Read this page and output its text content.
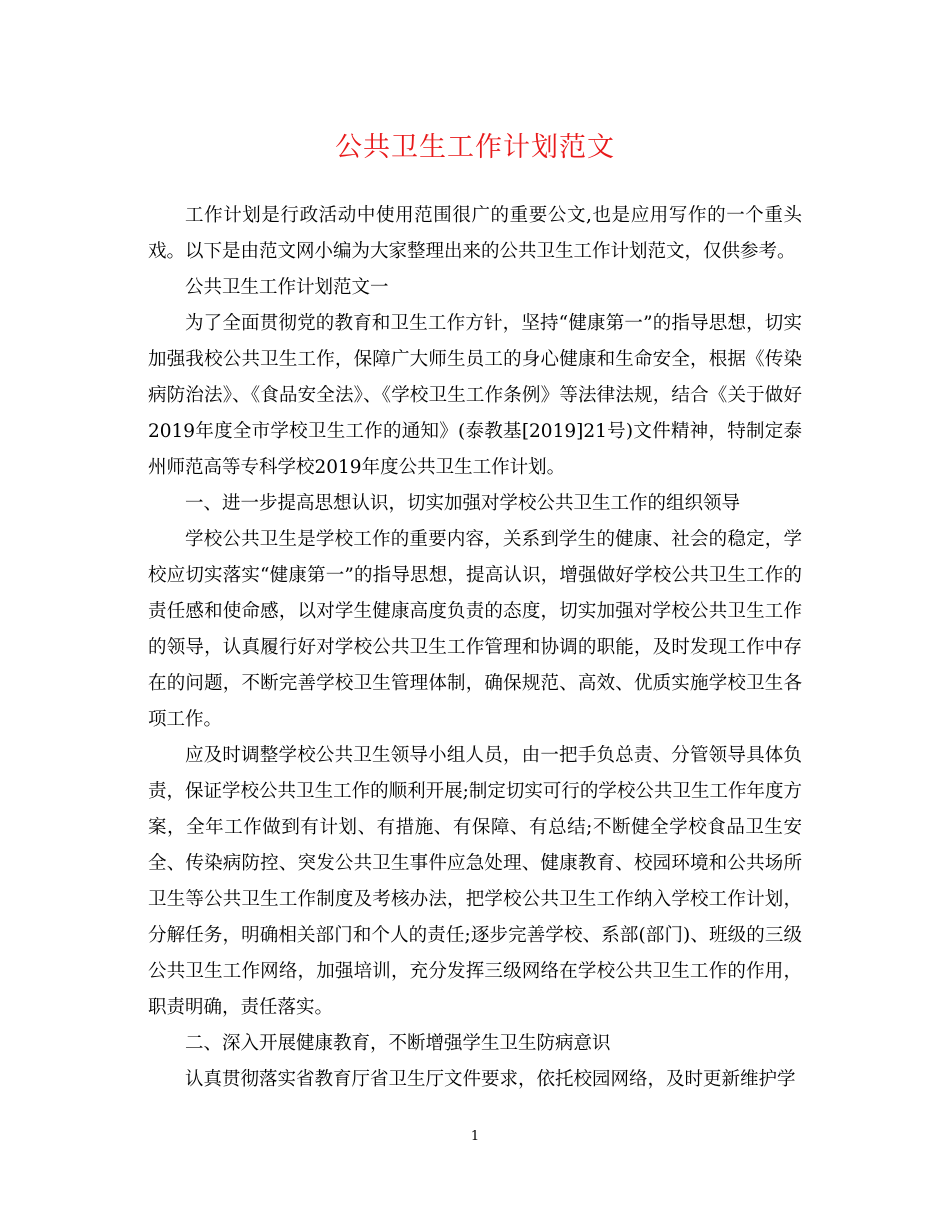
公共卫生工作计划范文

工作计划是行政活动中使用范围很广的重要公文,也是应用写作的一个重头戏。以下是由范文网小编为大家整理出来的公共卫生工作计划范文，仅供参考。

公共卫生工作计划范文一

为了全面贯彻党的教育和卫生工作方针，坚持“健康第一”的指导思想，切实加强我校公共卫生工作，保障广大师生员工的身心健康和生命安全，根据《传染病防治法》、《食品安全法》、《学校卫生工作条例》等法律法规，结合《关于做好2019年度全市学校卫生工作的通知》(泰教基[2019]21号)文件精神，特制定泰州师范高等专科学校2019年度公共卫生工作计划。

一、进一步提高思想认识，切实加强对学校公共卫生工作的组织领导

学校公共卫生是学校工作的重要内容，关系到学生的健康、社会的稳定，学校应切实落实“健康第一”的指导思想，提高认识，增强做好学校公共卫生工作的责任感和使命感，以对学生健康高度负责的态度，切实加强对学校公共卫生工作的领导，认真履行好对学校公共卫生工作管理和协调的职能，及时发现工作中存在的问题，不断完善学校卫生管理体制，确保规范、高效、优质实施学校卫生各项工作。

应及时调整学校公共卫生领导小组人员，由一把手负总责、分管领导具体负责，保证学校公共卫生工作的顺利开展;制定切实可行的学校公共卫生工作年度方案，全年工作做到有计划、有措施、有保障、有总结;不断健全学校食品卫生安全、传染病防控、突发公共卫生事件应急处理、健康教育、校园环境和公共场所卫生等公共卫生工作制度及考核办法，把学校公共卫生工作纳入学校工作计划，分解任务，明确相关部门和个人的责任;逐步完善学校、系部(部门)、班级的三级公共卫生工作网络，加强培训，充分发挥三级网络在学校公共卫生工作的作用，职责明确，责任落实。

二、深入开展健康教育，不断增强学生卫生防病意识

认真贯彻落实省教育厅省卫生厅文件要求，依托校园网络，及时更新维护学

1
